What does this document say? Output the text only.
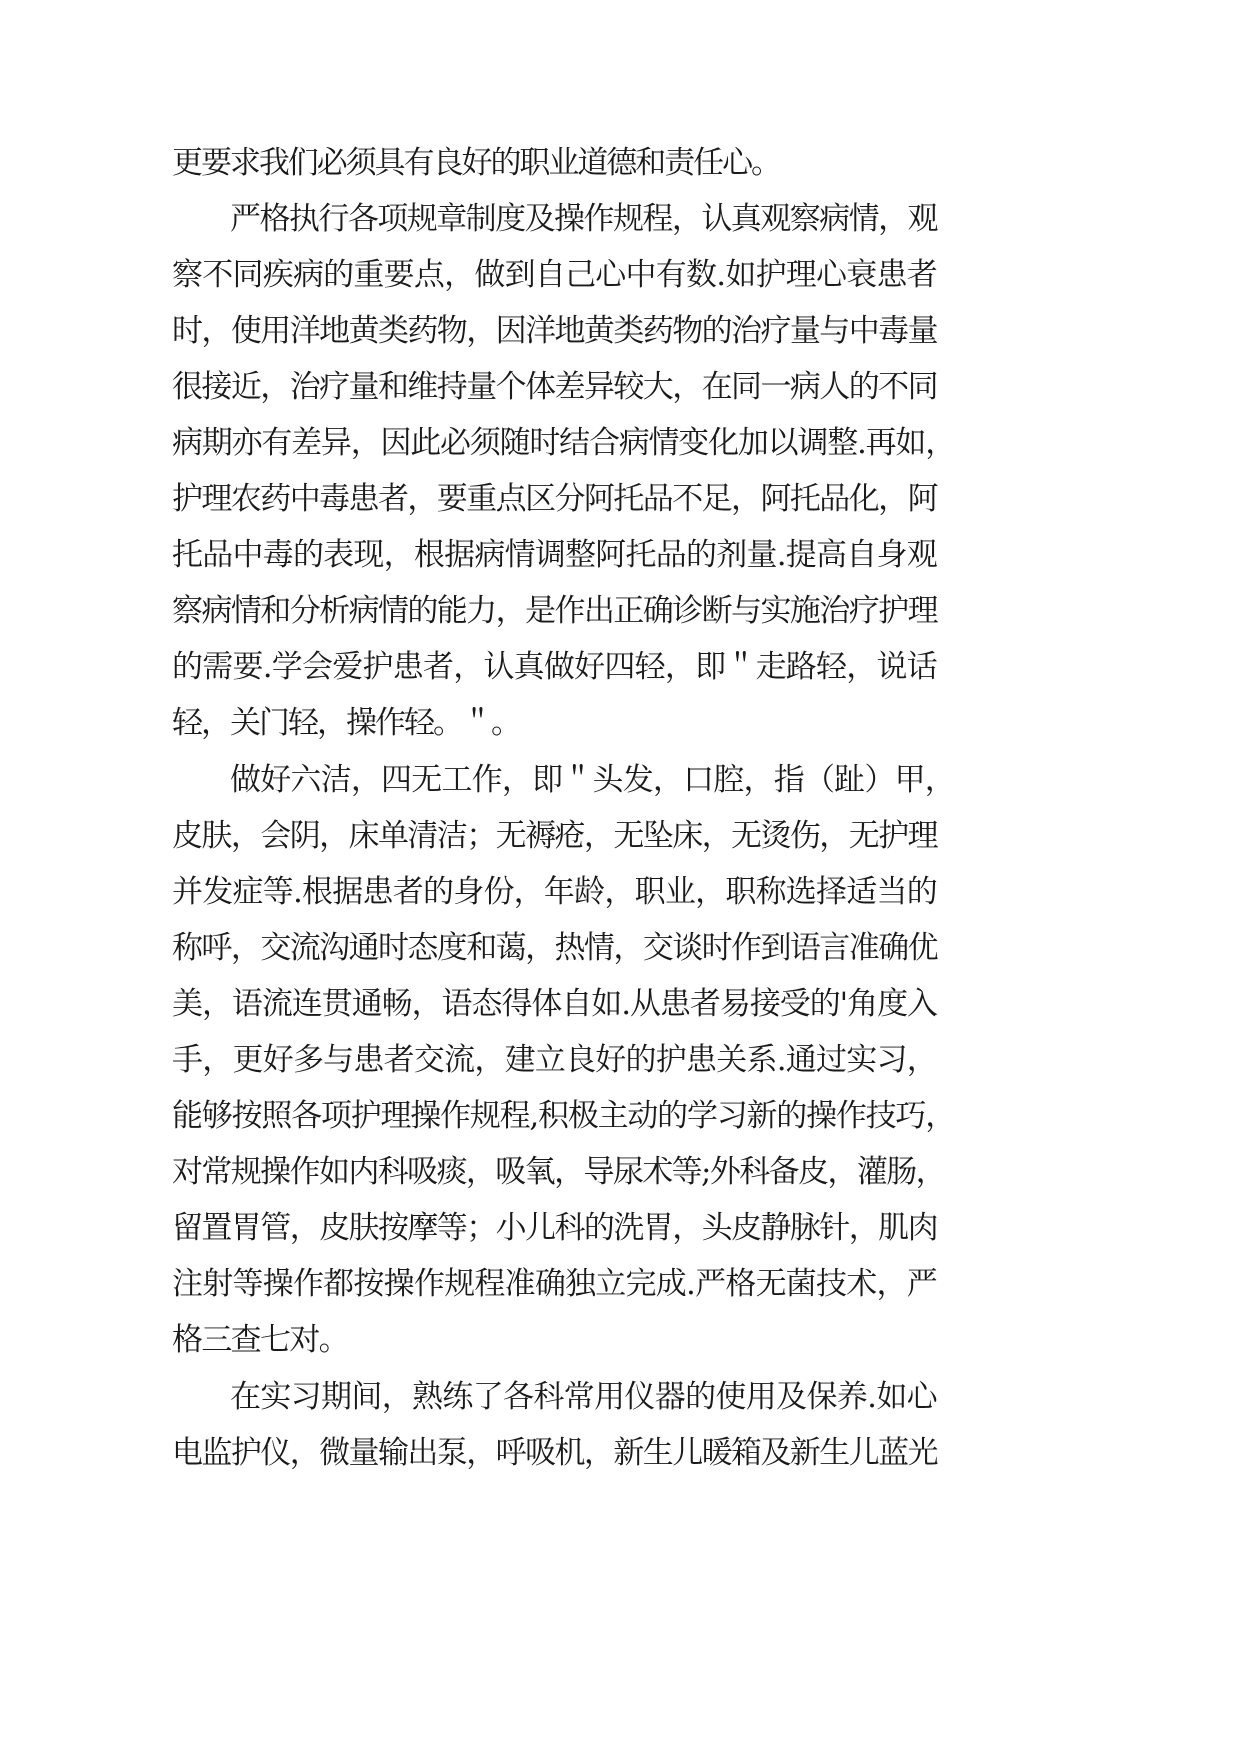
更要求我们必须具有良好的职业道德和责任心。
严格执行各项规章制度及操作规程，认真观察病情，观
察不同疾病的重要点，做到自己心中有数.如护理心衰患者
时，使用洋地黄类药物，因洋地黄类药物的治疗量与中毒量
很接近，治疗量和维持量个体差异较大，在同一病人的不同
病期亦有差异，因此必须随时结合病情变化加以调整.再如，
护理农药中毒患者，要重点区分阿托品不足，阿托品化，阿
托品中毒的表现，根据病情调整阿托品的剂量.提高自身观
察病情和分析病情的能力，是作出正确诊断与实施治疗护理
的需要.学会爱护患者，认真做好四轻，即＂走路轻，说话
轻，关门轻，操作轻。＂。
做好六洁，四无工作，即＂头发，口腔，指（趾）甲，
皮肤，会阴，床单清洁；无褥疮，无坠床，无烫伤，无护理
并发症等.根据患者的身份，年龄，职业，职称选择适当的
称呼，交流沟通时态度和蔼，热情，交谈时作到语言准确优
美，语流连贯通畅，语态得体自如.从患者易接受的'角度入
手，更好多与患者交流，建立良好的护患关系.通过实习，
能够按照各项护理操作规程,积极主动的学习新的操作技巧，
对常规操作如内科吸痰，吸氧，导尿术等;外科备皮，灌肠，
留置胃管，皮肤按摩等；小儿科的洗胃，头皮静脉针，肌肉
注射等操作都按操作规程准确独立完成.严格无菌技术，严
格三查七对。
在实习期间，熟练了各科常用仪器的使用及保养.如心
电监护仪，微量输出泵，呼吸机，新生儿暖箱及新生儿蓝光
